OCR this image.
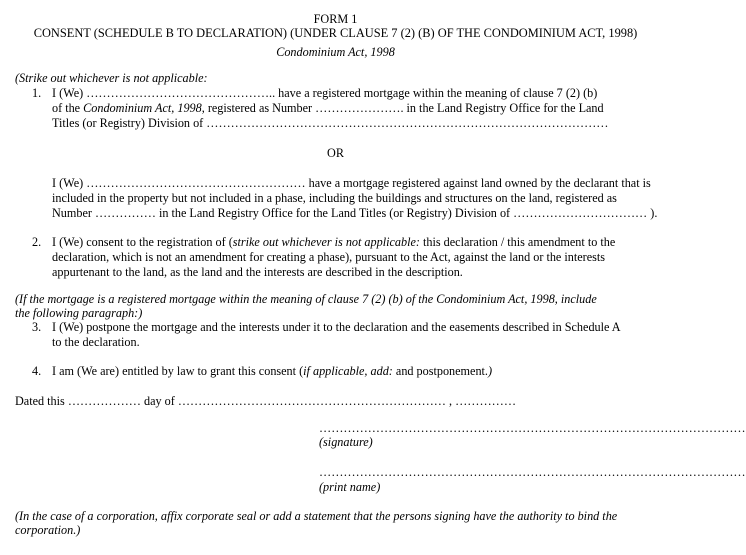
FORM 1
CONSENT (SCHEDULE B TO DECLARATION) (UNDER CLAUSE 7 (2) (B) OF THE CONDOMINIUM ACT, 1998)
Condominium Act, 1998
(Strike out whichever is not applicable:
1. I (We) ……………………………………….. have a registered mortgage within the meaning of clause 7 (2) (b)
of the Condominium Act, 1998, registered as Number …………………. in the Land Registry Office for the Land
Titles (or Registry) Division of ………………………………………………………………………………………
OR
I (We) ……………………………………………… have a mortgage registered against land owned by the declarant that is
included in the property but not included in a phase, including the buildings and structures on the land, registered as
Number …………… in the Land Registry Office for the Land Titles (or Registry) Division of …………………………… ).
2. I (We) consent to the registration of (strike out whichever is not applicable: this declaration / this amendment to the
declaration, which is not an amendment for creating a phase), pursuant to the Act, against the land or the interests
appurtenant to the land, as the land and the interests are described in the description.
(If the mortgage is a registered mortgage within the meaning of clause 7 (2) (b) of the Condominium Act, 1998, include
the following paragraph:)
3. I (We) postpone the mortgage and the interests under it to the declaration and the easements described in Schedule A
to the declaration.
4. I am (We are) entitled by law to grant this consent (if applicable, add: and postponement.)
Dated this ……………… day of ………………………………………………………… , ……………
……………………………………………………………………………………………
(signature)
……………………………………………………………………………………………
(print name)
(In the case of a corporation, affix corporate seal or add a statement that the persons signing have the authority to bind the
corporation.)
